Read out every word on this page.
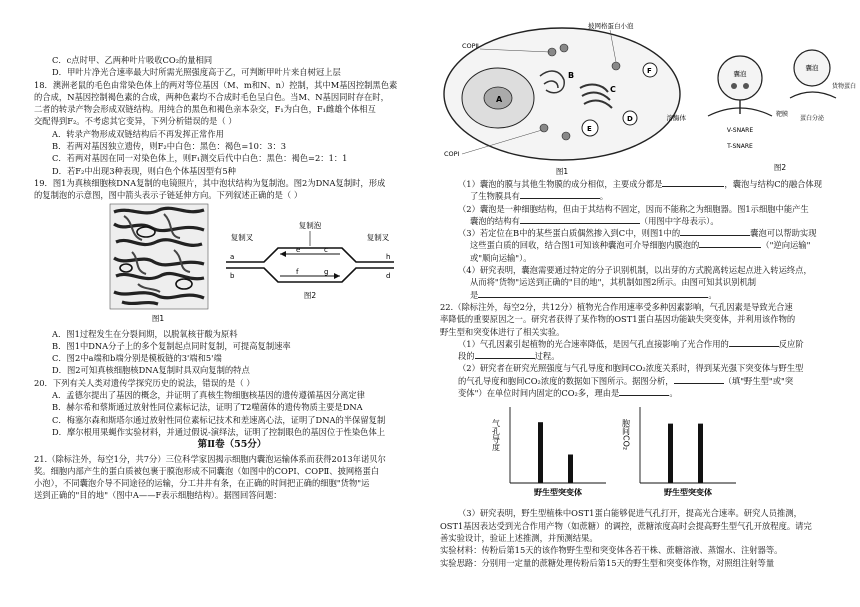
C．c点时甲、乙两种叶片吸收CO₂的量相同

D．甲叶片净光合速率最大时所需光照强度高于乙，可判断甲叶片来自树冠上层

18．澳洲老鼠的毛色由常染色体上的两对等位基因（M、m和N、n）控制，其中M基因控制黑色素

的合成，N基因控制褐色素的合成，两种色素均不合成时毛色呈白色。当M、N基因同时存在时，

二者的转录产物会形成双链结构。用纯合的黑色和褐色亲本杂交，F₁为白色，F₁雌雄个体相互

交配得到F₂。不考虑其它变异，下列分析错误的是（ ）

A．转录产物形成双链结构后不再发挥正常作用

B．若两对基因独立遗传，则F₂中白色：黑色：褐色=10：3：3

C．若两对基因在同一对染色体上，则F₁测交后代中白色：黑色：褐色=2：1：1

D．若F₂中出现3种表现，则白色个体基因型有5种

19．图1为真核细胞核DNA复制的电镜照片，其中泡状结构为复制泡。图2为DNA复制时，形成

的复制泡的示意图，图中箭头表示子链延伸方向。下列叙述正确的是（ ）

图1
复制泡
复制叉	复制叉
e	c
f	g
a
b
h
d
图2

A．图1过程发生在分裂间期，以脱氧核苷酸为原料

B．图1中DNA分子上的多个复制起点同时复制，可提高复制速率

C．图2中a端和b端分别是模板链的3'端和5'端

D．图2可知真核细胞核DNA复制时具双向复制的特点

20．下列有关人类对遗传学探究历史的说法，错误的是（ ）

A．孟德尔提出了基因的概念，并证明了真核生物细胞核基因的遗传遵循基因分离定律

B．赫尔希和蔡斯通过放射性同位素标记法，证明了T2噬菌体的遗传物质主要是DNA

C．梅塞尔森和斯塔尔通过放射性同位素标记技术和差速离心法，证明了DNA的半保留复制

D．摩尔根用果蝇作实验材料，并通过假说-演绎法，证明了控制眼色的基因位于性染色体上

第Ⅱ卷（55分）

21.（除标注外，每空1分，共7分）三位科学家因揭示细胞内囊泡运输体系而获得2013年诺贝尔

奖。细胞内部产生的蛋白质被包裹于膜泡形成不同囊泡（如图中的COPⅠ、COPⅡ、披网格蛋白

小泡），不同囊泡介导不同途径的运输，分工井井有条，在正确的时间把正确的细胞"货物"运

送到正确的"目的地"（图中A——F表示细胞结构）。据图回答问题：

A
B
C
E
D
F
COPⅡ
COPⅠ
披网格蛋白小泡
溶酶体
图1
囊泡
V-SNARE
T-SNARE
靶膜
囊泡
蛋白分泌
货物蛋白
图2

（1）囊泡的膜与其他生物膜的成分相似，主要成分都是	，囊泡与结构C的融合体现

了生物膜具有	。

（2）囊泡是一种细胞结构，但由于其结构不固定，因而不能称之为细胞器。图1示细胞中能产生

囊泡的结构有	（用图中字母表示）。

（3）若定位在B中的某些蛋白质偶然掺入到C中，则图1中的	囊泡可以帮助实现

这些蛋白质的回收，结合图1可知该种囊泡可介导细胞内膜泡的	（"逆向运输"

或"顺向运输"）。

（4）研究表明，囊泡需要通过特定的分子识别机制，以出芽的方式脱离转运起点进入转运终点，

从而将"货物"运送到正确的"目的地"，其机制如图2所示。由图可知其识别机制

是	。

22.（除标注外，每空2分，共12分）植物光合作用速率受多种因素影响，气孔因素是导致光合速

率降低的重要原因之一。研究者获得了某作物的OST1蛋白基因功能缺失突变体，并利用该作物的

野生型和突变体进行了相关实验。

（1）气孔因素引起植物的光合速率降低，是因气孔直接影响了光合作用的	反应阶

段的	过程。

（2）研究者在研究光照强度与气孔导度和胞间CO₂浓度关系时，得到某光强下突变体与野生型

的气孔导度和胞间CO₂浓度的数据如下图所示。据图分析，	（填"野生型"或"突

变体"）在单位时间内固定的CO₂多，理由是	。

气孔导度
野生型突变体
胞间CO₂
野生型突变体

（3）研究表明，野生型植株中OST1蛋白能够促进气孔打开，提高光合速率。研究人员推测，

OST1基因表达受到光合作用产物（如蔗糖）的调控，蔗糖浓度高时会提高野生型气孔开放程度。请完

善实验设计，验证上述推测，并预测结果。

实验材料：传粉后第15天的该作物野生型和突变体各若干株、蔗糖溶液、蒸馏水、注射器等。

实验思路：分别用一定量的蔗糖处理传粉后第15天的野生型和突变体作物，对照组注射等量
